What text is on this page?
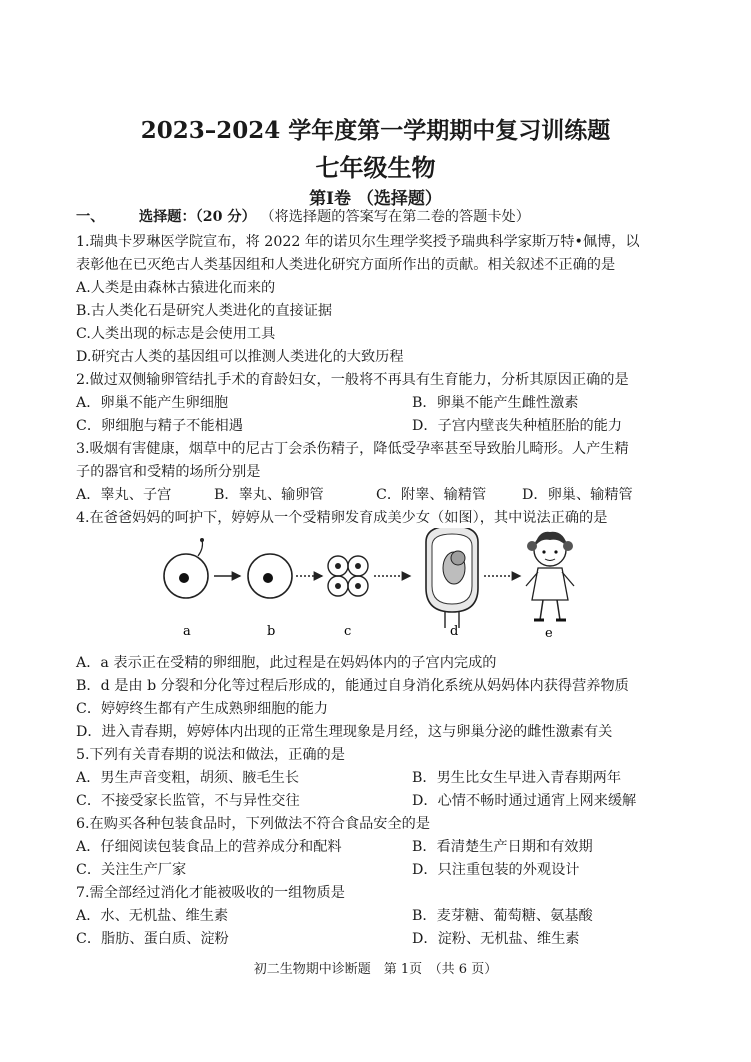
2023–2024 学年度第一学期期中复习训练题
七年级生物
第Ⅰ卷 （选择题）
一、 选择题：（20 分） （将选择题的答案写在第二卷的答题卡处）
1.瑞典卡罗琳医学院宣布，将 2022 年的诺贝尔生理学奖授予瑞典科学家斯万特•佩博，以
表彰他在已灭绝古人类基因组和人类进化研究方面所作出的贡献。相关叙述不正确的是
A.人类是由森林古猿进化而来的
B.古人类化石是研究人类进化的直接证据
C.人类出现的标志是会使用工具
D.研究古人类的基因组可以推测人类进化的大致历程
2.做过双侧输卵管结扎手术的育龄妇女，一般将不再具有生育能力，分析其原因正确的是
A．卵巢不能产生卵细胞	B．卵巢不能产生雌性激素
C．卵细胞与精子不能相遇	D．子宫内壁丧失种植胚胎的能力
3.吸烟有害健康，烟草中的尼古丁会杀伤精子，降低受孕率甚至导致胎儿畸形。人产生精
子的器官和受精的场所分别是
A．睾丸、子宫	B．睾丸、输卵管	C．附睾、输精管	D．卵巢、输精管
4.在爸爸妈妈的呵护下，婷婷从一个受精卵发育成美少女（如图），其中说法正确的是
a	b	c	d	e
A．a 表示正在受精的卵细胞，此过程是在妈妈体内的子宫内完成的
B．d 是由 b 分裂和分化等过程后形成的，能通过自身消化系统从妈妈体内获得营养物质
C．婷婷终生都有产生成熟卵细胞的能力
D．进入青春期，婷婷体内出现的正常生理现象是月经，这与卵巢分泌的雌性激素有关
5.下列有关青春期的说法和做法，正确的是
A．男生声音变粗，胡须、腋毛生长	B．男生比女生早进入青春期两年
C．不接受家长监管，不与异性交往	D．心情不畅时通过通宵上网来缓解
6.在购买各种包装食品时，下列做法不符合食品安全的是
A．仔细阅读包装食品上的营养成分和配料	B．看清楚生产日期和有效期
C．关注生产厂家	D．只注重包装的外观设计
7.需全部经过消化才能被吸收的一组物质是
A．水、无机盐、维生素	B．麦芽糖、葡萄糖、氨基酸
C．脂肪、蛋白质、淀粉	D．淀粉、无机盐、维生素
初二生物期中诊断题　第 1页　（共 6 页）
